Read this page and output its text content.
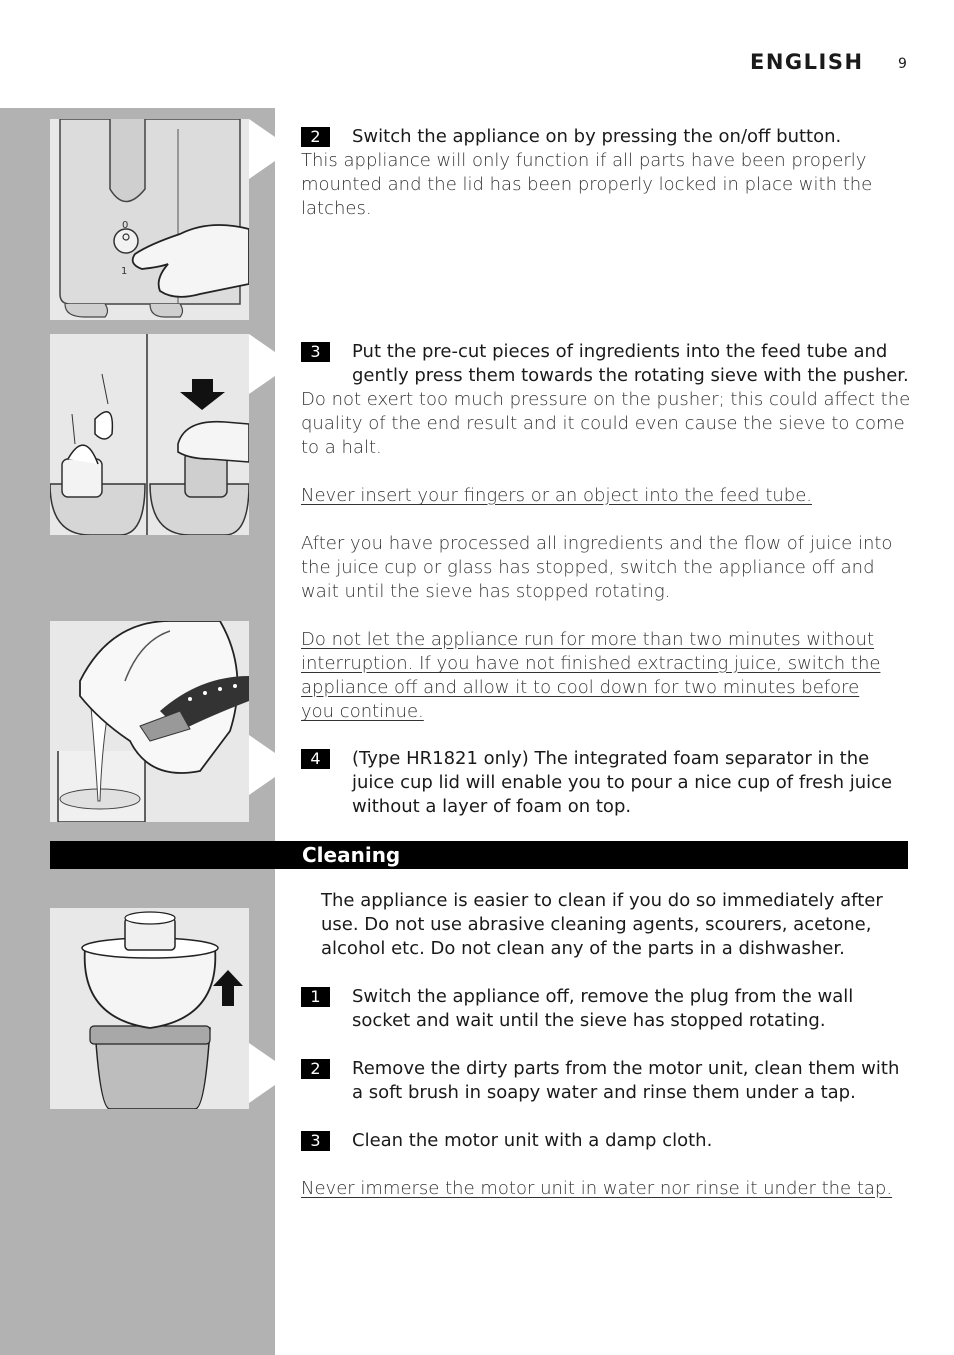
ENGLISH 9
0
1
2	Switch the appliance on by pressing the on/off button.
This appliance will only function if all parts have been properly mounted and the lid has been properly locked in place with the latches.
3	Put the pre-cut pieces of ingredients into the feed tube and gently press them towards the rotating sieve with the pusher.
Do not exert too much pressure on the pusher; this could affect the quality of the end result and it could even cause the sieve to come to a halt.
Never insert your fingers or an object into the feed tube.
After you have processed all ingredients and the flow of juice into the juice cup or glass has stopped, switch the appliance off and wait until the sieve has stopped rotating.
Do not let the appliance run for more than two minutes without interruption. If you have not finished extracting juice, switch the appliance off and allow it to cool down for two minutes before you continue.
4	(Type HR1821 only) The integrated foam separator in the juice cup lid will enable you to pour a nice cup of fresh juice without a layer of foam on top.
Cleaning
The appliance is easier to clean if you do so immediately after use. Do not use abrasive cleaning agents, scourers, acetone, alcohol etc. Do not clean any of the parts in a dishwasher.
1	Switch the appliance off, remove the plug from the wall socket and wait until the sieve has stopped rotating.
2	Remove the dirty parts from the motor unit, clean them with a soft brush in soapy water and rinse them under a tap.
3	Clean the motor unit with a damp cloth.
Never immerse the motor unit in water nor rinse it under the tap.
